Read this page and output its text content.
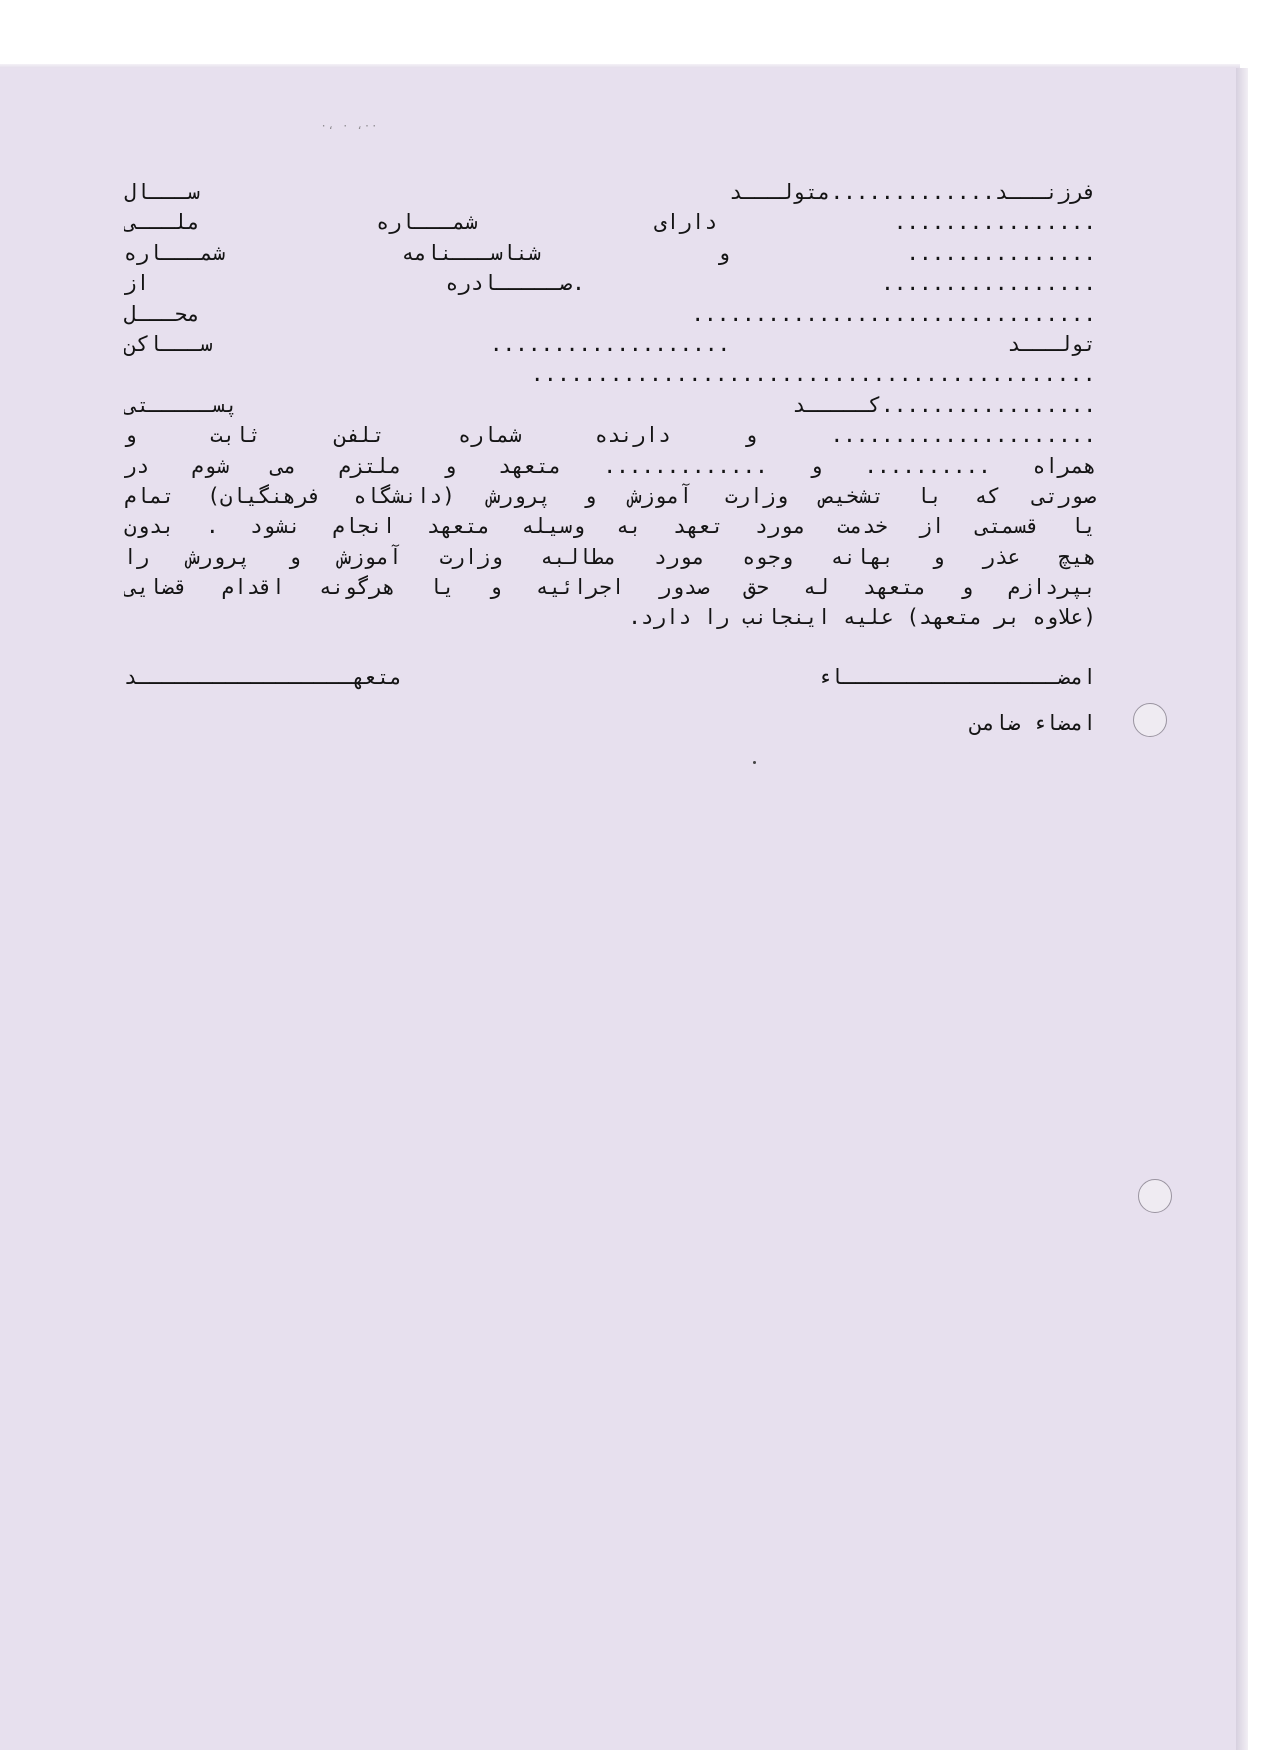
۰، ۰ ،۰۰
فرزنـــد.............متولـــد ســـال
................ دارای شمـــاره ملـــی
............... و شناســـنامه شمـــاره
................. .صـــــادره از
................................ محـــل
تولـــد ................... ســـاکن
...........................................
.................کـــــد پســـــتی
..................... و دارنده شماره تلفن ثابت و
همراه .......... و ............. متعهد و ملتزم می شوم در
صورتی که با تشخیص وزارت آموزش و پرورش (دانشگاه فرهنگیان) تمام
یا قسمتی از خدمت مورد تعهد به وسیله متعهد انجام نشود . بدون
هیچ عذر و بهانه وجوه مورد مطالبه وزارت آموزش و پرورش را
بپردازم و متعهد له حق صدور اجرائیه و یا هرگونه اقدام قضایی
(علاوه بر متعهد) علیه اینجانب را دارد.
امضـــــــــــــــــاء متعهـــــــــــــــــد
امضاء ضامن
